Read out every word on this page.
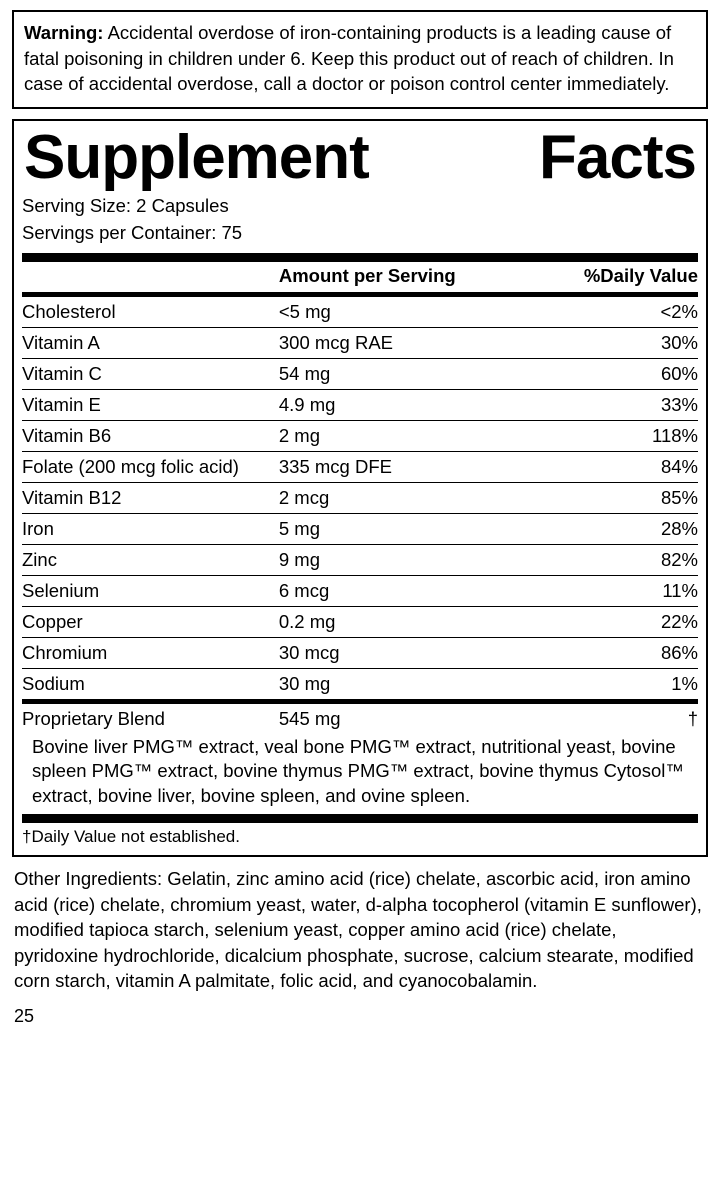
Warning: Accidental overdose of iron-containing products is a leading cause of fatal poisoning in children under 6. Keep this product out of reach of children. In case of accidental overdose, call a doctor or poison control center immediately.
Supplement	Facts
Serving Size: 2 Capsules
Servings per Container: 75
	Amount per Serving	%Daily Value
Cholesterol	<5 mg	<2%
Vitamin A	300 mcg RAE	30%
Vitamin C	54 mg	60%
Vitamin E	4.9 mg	33%
Vitamin B6	2 mg	118%
Folate (200 mcg folic acid)	335 mcg DFE	84%
Vitamin B12	2 mcg	85%
Iron	5 mg	28%
Zinc	9 mg	82%
Selenium	6 mcg	11%
Copper	0.2 mg	22%
Chromium	30 mcg	86%
Sodium	30 mg	1%
Proprietary Blend	545 mg	†
Bovine liver PMG™ extract, veal bone PMG™ extract, nutritional yeast, bovine spleen PMG™ extract, bovine thymus PMG™ extract, bovine thymus Cytosol™ extract, bovine liver, bovine spleen, and ovine spleen.
†Daily Value not established.
Other Ingredients: Gelatin, zinc amino acid (rice) chelate, ascorbic acid, iron amino acid (rice) chelate, chromium yeast, water, d-alpha tocopherol (vitamin E sunflower), modified tapioca starch, selenium yeast, copper amino acid (rice) chelate, pyridoxine hydrochloride, dicalcium phosphate, sucrose, calcium stearate, modified corn starch, vitamin A palmitate, folic acid, and cyanocobalamin.
25
